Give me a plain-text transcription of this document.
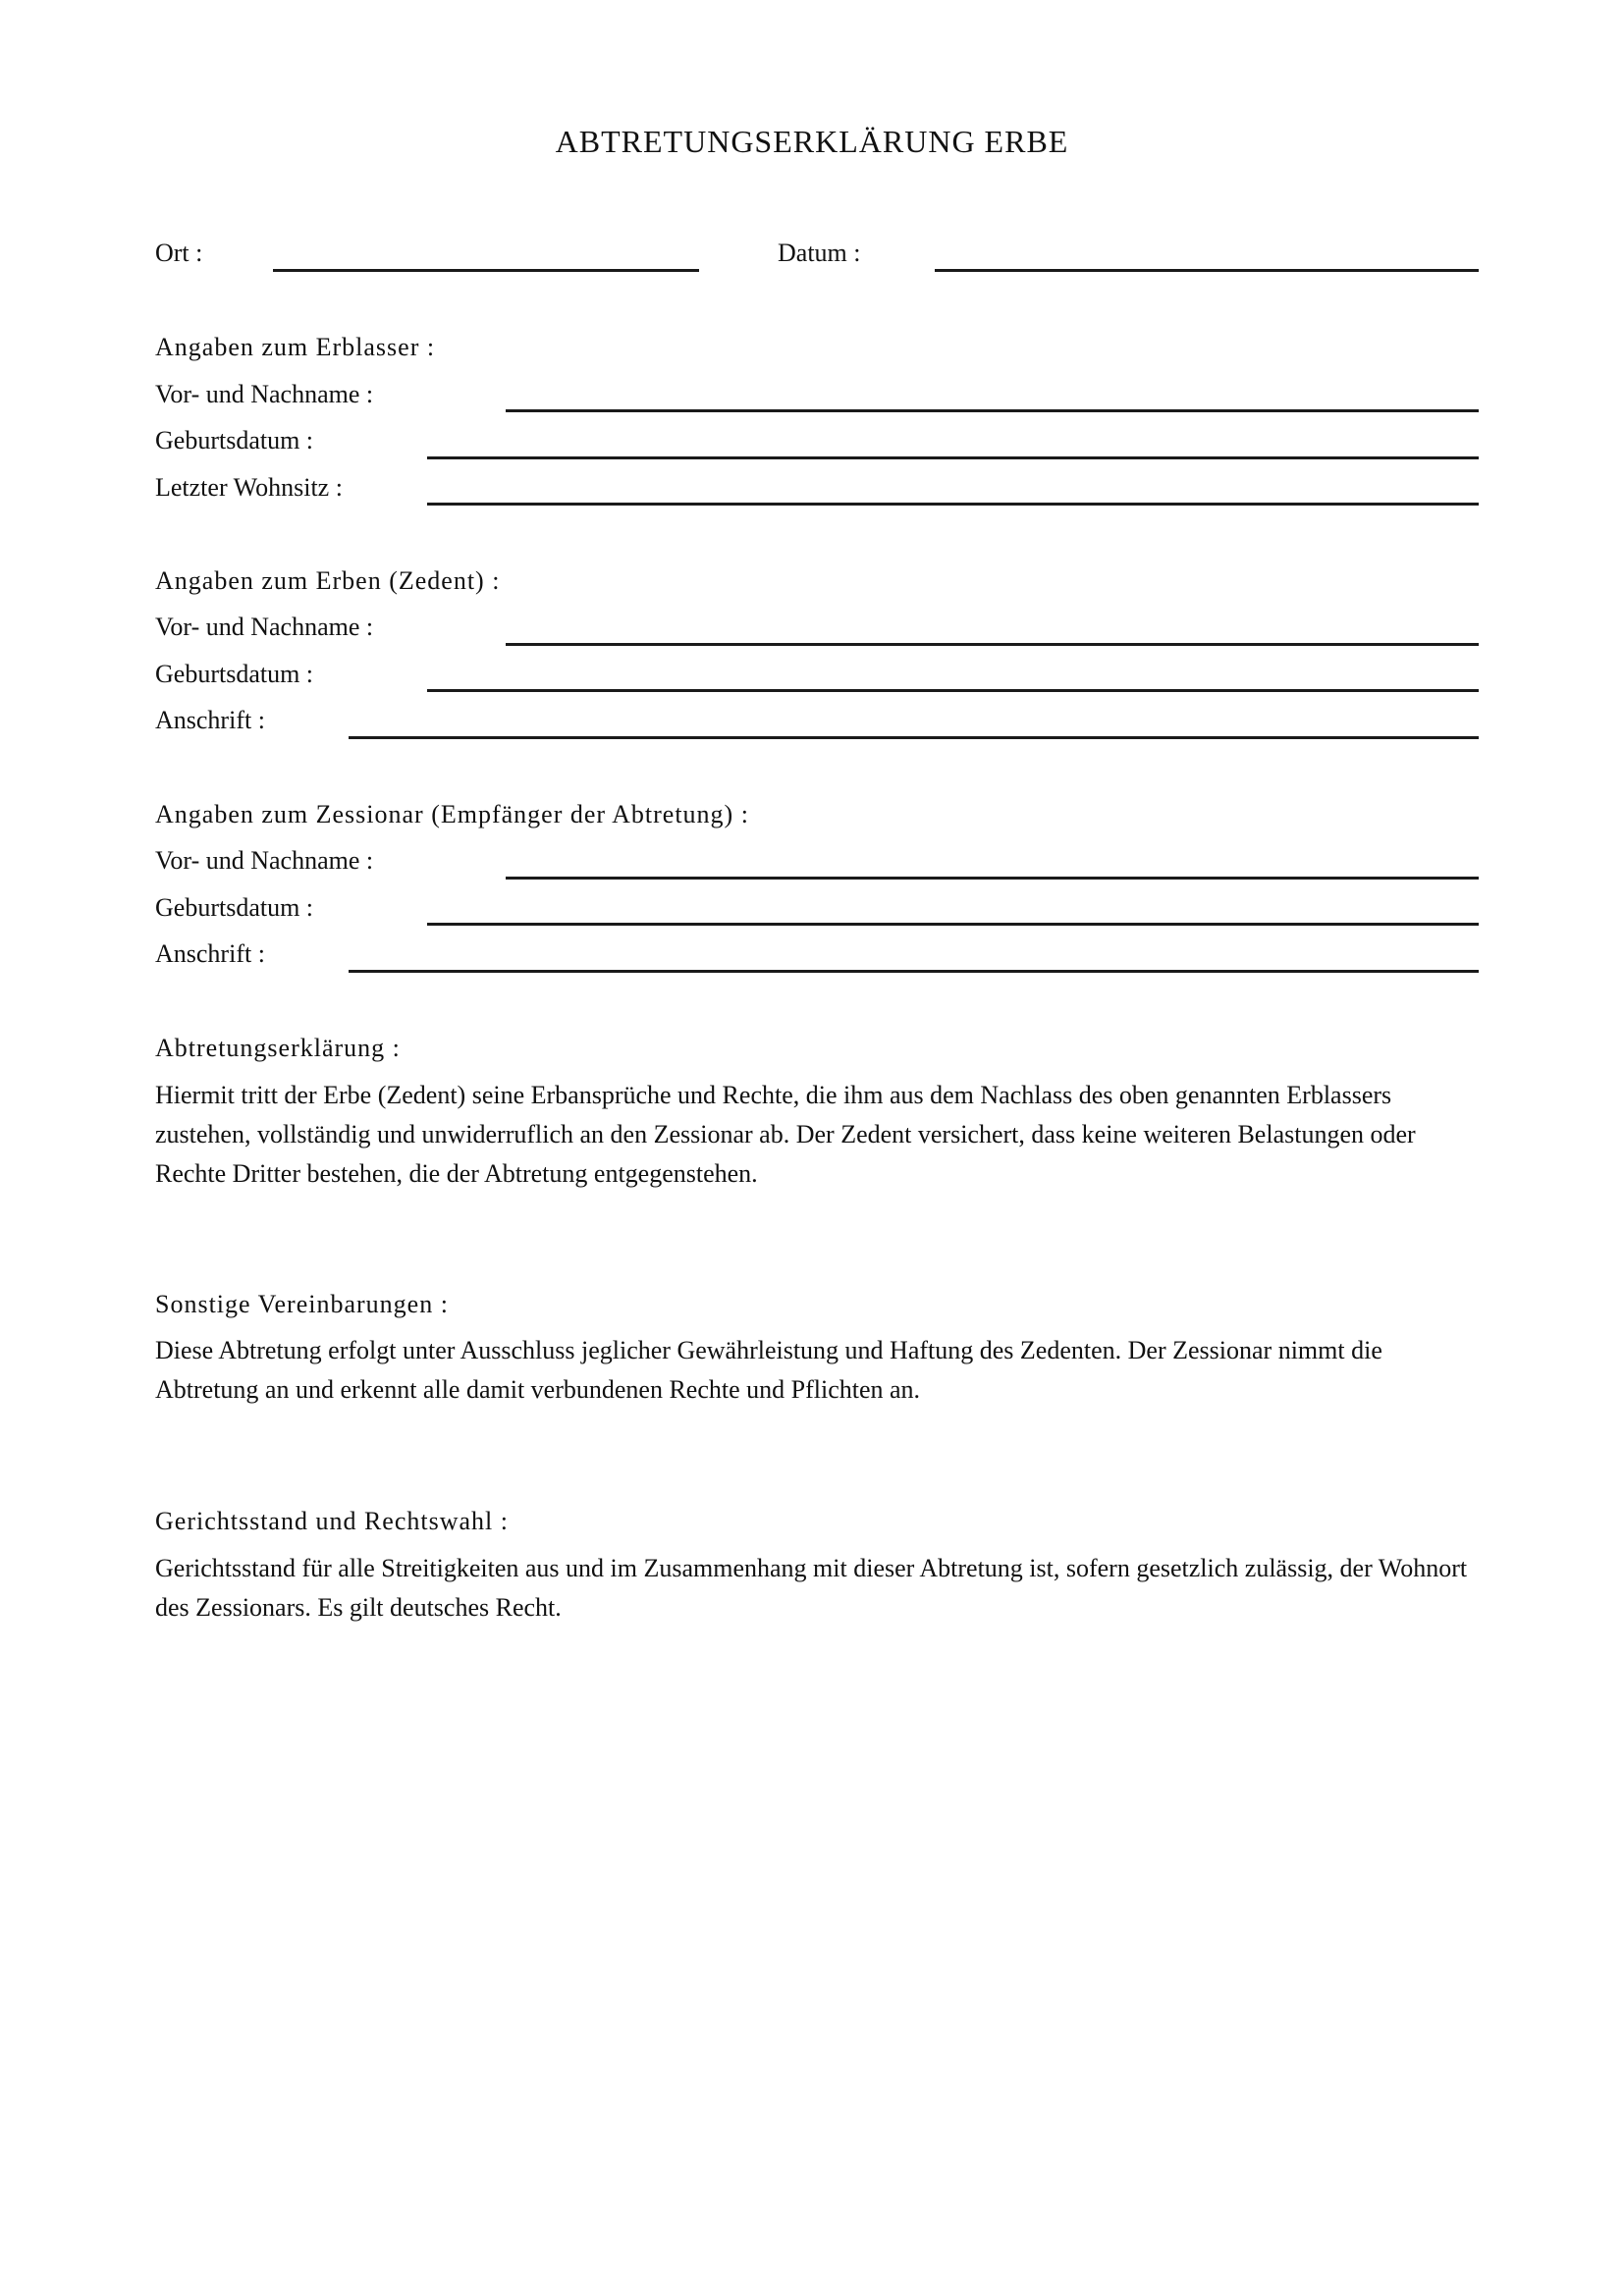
ABTRETUNGSERKLÄRUNG ERBE
Ort :	Datum :
Angaben zum Erblasser :
Vor- und Nachname :
Geburtsdatum :
Letzter Wohnsitz :
Angaben zum Erben (Zedent) :
Vor- und Nachname :
Geburtsdatum :
Anschrift :
Angaben zum Zessionar (Empfänger der Abtretung) :
Vor- und Nachname :
Geburtsdatum :
Anschrift :
Abtretungserklärung :
Hiermit tritt der Erbe (Zedent) seine Erbansprüche und Rechte, die ihm aus dem Nachlass des oben genannten Erblassers zustehen, vollständig und unwiderruflich an den Zessionar ab. Der Zedent versichert, dass keine weiteren Belastungen oder Rechte Dritter bestehen, die der Abtretung entgegenstehen.
Sonstige Vereinbarungen :
Diese Abtretung erfolgt unter Ausschluss jeglicher Gewährleistung und Haftung des Zedenten. Der Zessionar nimmt die Abtretung an und erkennt alle damit verbundenen Rechte und Pflichten an.
Gerichtsstand und Rechtswahl :
Gerichtsstand für alle Streitigkeiten aus und im Zusammenhang mit dieser Abtretung ist, sofern gesetzlich zulässig, der Wohnort des Zessionars. Es gilt deutsches Recht.
